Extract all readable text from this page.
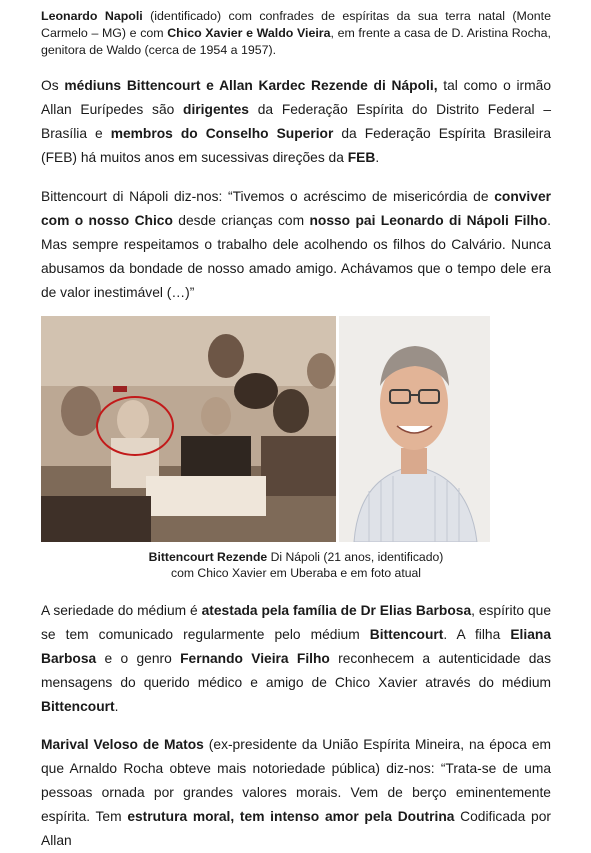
Leonardo Napoli (identificado) com confrades de espíritas da sua terra natal (Monte Carmelo – MG) e com Chico Xavier e Waldo Vieira, em frente a casa de D. Aristina Rocha, genitora de Waldo (cerca de 1954 a 1957).

Os médiuns Bittencourt e Allan Kardec Rezende di Nápoli, tal como o irmão Allan Eurípedes são dirigentes da Federação Espírita do Distrito Federal – Brasília e membros do Conselho Superior da Federação Espírita Brasileira (FEB) há muitos anos em sucessivas direções da FEB.

Bittencourt di Nápoli diz-nos: “Tivemos o acréscimo de misericórdia de conviver com o nosso Chico desde crianças com nosso pai Leonardo di Nápoli Filho. Mas sempre respeitamos o trabalho dele acolhendo os filhos do Calvário. Nunca abusamos da bondade de nosso amado amigo. Achávamos que o tempo dele era de valor inestimável (…)”

Bittencourt Rezende Di Nápoli (21 anos, identificado)
com Chico Xavier em Uberaba e em foto atual

A seriedade do médium é atestada pela família de Dr Elias Barbosa, espírito que se tem comunicado regularmente pelo médium Bittencourt. A filha Eliana Barbosa e o genro Fernando Vieira Filho reconhecem a autenticidade das mensagens do querido médico e amigo de Chico Xavier através do médium Bittencourt.

Marival Veloso de Matos (ex-presidente da União Espírita Mineira, na época em que Arnaldo Rocha obteve mais notoriedade pública) diz-nos: “Trata-se de uma pessoas ornada por grandes valores morais. Vem de berço eminentemente espírita. Tem estrutura moral, tem intenso amor pela Doutrina Codificada por Allan
